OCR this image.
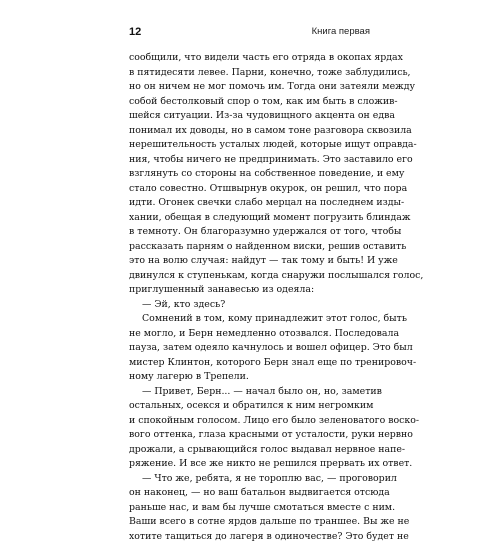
12	Книга первая
сообщили, что видели часть его отряда в окопах ярдах
в пятидесяти левее. Парни, конечно, тоже заблудились,
но он ничем не мог помочь им. Тогда они затеяли между
собой бестолковый спор о том, как им быть в сложив-
шейся ситуации. Из-за чудовищного акцента он едва
понимал их доводы, но в самом тоне разговора сквозила
нерешительность усталых людей, которые ищут оправда-
ния, чтобы ничего не предпринимать. Это заставило его
взглянуть со стороны на собственное поведение, и ему
стало совестно. Отшвырнув окурок, он решил, что пора
идти. Огонек свечки слабо мерцал на последнем изды-
хании, обещая в следующий момент погрузить блиндаж
в темноту. Он благоразумно удержался от того, чтобы
рассказать парням о найденном виски, решив оставить
это на волю случая: найдут — так тому и быть! И уже
двинулся к ступенькам, когда снаружи послышался голос,
приглушенный занавесью из одеяла:
— Эй, кто здесь?
Сомнений в том, кому принадлежит этот голос, быть
не могло, и Берн немедленно отозвался. Последовала
пауза, затем одеяло качнулось и вошел офицер. Это был
мистер Клинтон, которого Берн знал еще по тренировоч-
ному лагерю в Трепели.
— Привет, Берн... — начал было он, но, заметив
остальных, осекся и обратился к ним негромким
и спокойным голосом. Лицо его было зеленоватого воско-
вого оттенка, глаза красными от усталости, руки нервно
дрожали, а срывающийся голос выдавал нервное напе-
ряжение. И все же никто не решился прервать их ответ.
— Что же, ребята, я не тороплю вас, — проговорил
он наконец, — но ваш батальон выдвигается отсюда
раньше нас, и вам бы лучше смотаться вместе с ним.
Ваши всего в сотне ярдов дальше по траншее. Вы же не
хотите тащиться до лагеря в одиночестве? Это будет не
